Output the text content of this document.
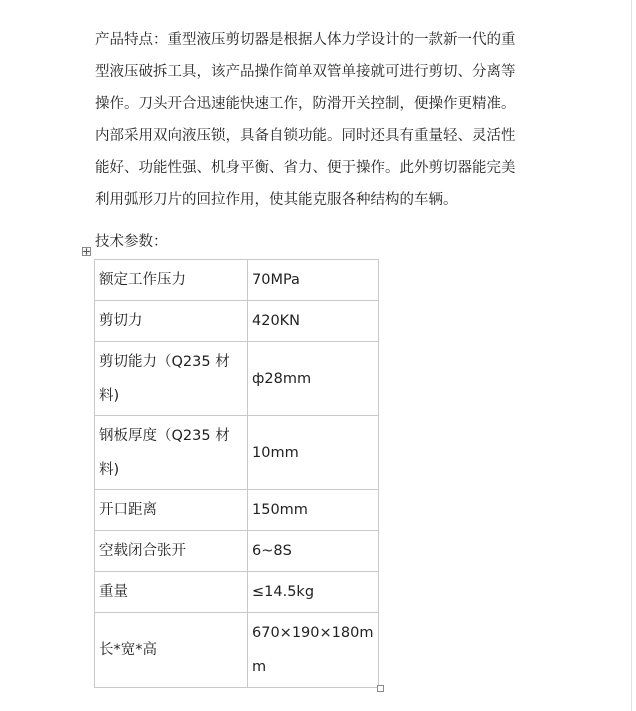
产品特点：重型液压剪切器是根据人体力学设计的一款新一代的重
型液压破拆工具，该产品操作简单双管单接就可进行剪切、分离等
操作。刀头开合迅速能快速工作，防滑开关控制，便操作更精准。
内部采用双向液压锁，具备自锁功能。同时还具有重量轻、灵活性
能好、功能性强、机身平衡、省力、便于操作。此外剪切器能完美
利用弧形刀片的回拉作用，使其能克服各种结构的车辆。
技术参数：
额定工作压力	70MPa
剪切力	420KN

剪切能力（Q235 材料)	ф28mm

钢板厚度（Q235 材料)	10mm
开口距离	150mm
空载闭合张开	6~8S
重量	≤14.5kg
长*宽*高	670×190×180mm
